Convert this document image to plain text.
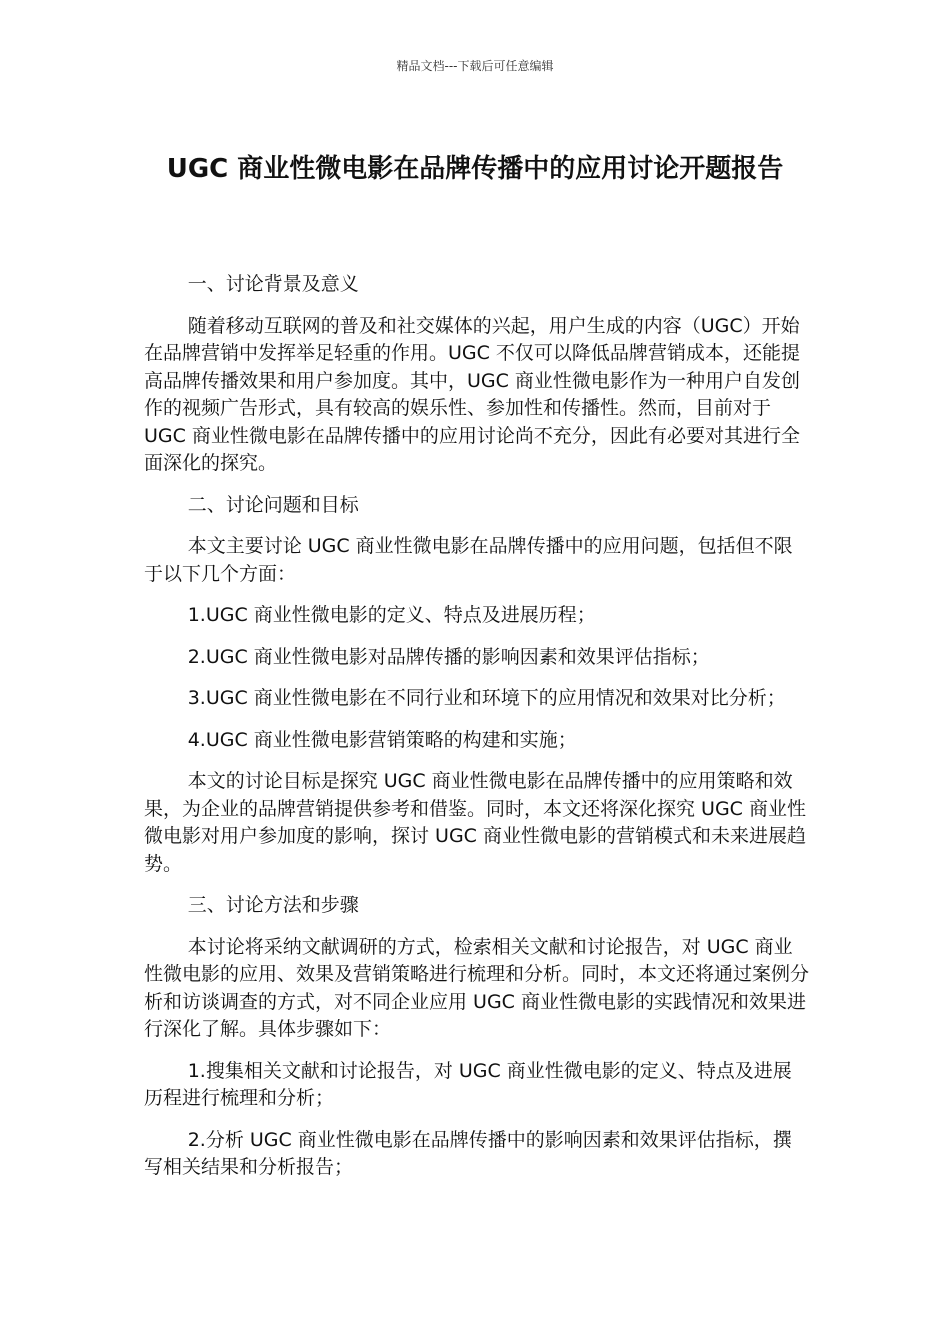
精品文档---下载后可任意编辑
UGC 商业性微电影在品牌传播中的应用讨论开题报告
一、讨论背景及意义

随着移动互联网的普及和社交媒体的兴起，用户生成的内容（UGC）开始在品牌营销中发挥举足轻重的作用。UGC 不仅可以降低品牌营销成本，还能提高品牌传播效果和用户参加度。其中，UGC 商业性微电影作为一种用户自发创作的视频广告形式，具有较高的娱乐性、参加性和传播性。然而，目前对于 UGC 商业性微电影在品牌传播中的应用讨论尚不充分，因此有必要对其进行全面深化的探究。

二、讨论问题和目标

本文主要讨论 UGC 商业性微电影在品牌传播中的应用问题，包括但不限于以下几个方面：

1.UGC 商业性微电影的定义、特点及进展历程；

2.UGC 商业性微电影对品牌传播的影响因素和效果评估指标；

3.UGC 商业性微电影在不同行业和环境下的应用情况和效果对比分析；

4.UGC 商业性微电影营销策略的构建和实施；

本文的讨论目标是探究 UGC 商业性微电影在品牌传播中的应用策略和效果，为企业的品牌营销提供参考和借鉴。同时，本文还将深化探究 UGC 商业性微电影对用户参加度的影响，探讨 UGC 商业性微电影的营销模式和未来进展趋势。

三、讨论方法和步骤

本讨论将采纳文献调研的方式，检索相关文献和讨论报告，对 UGC 商业性微电影的应用、效果及营销策略进行梳理和分析。同时，本文还将通过案例分析和访谈调查的方式，对不同企业应用 UGC 商业性微电影的实践情况和效果进行深化了解。具体步骤如下：

1.搜集相关文献和讨论报告，对 UGC 商业性微电影的定义、特点及进展历程进行梳理和分析；

2.分析 UGC 商业性微电影在品牌传播中的影响因素和效果评估指标，撰写相关结果和分析报告；
